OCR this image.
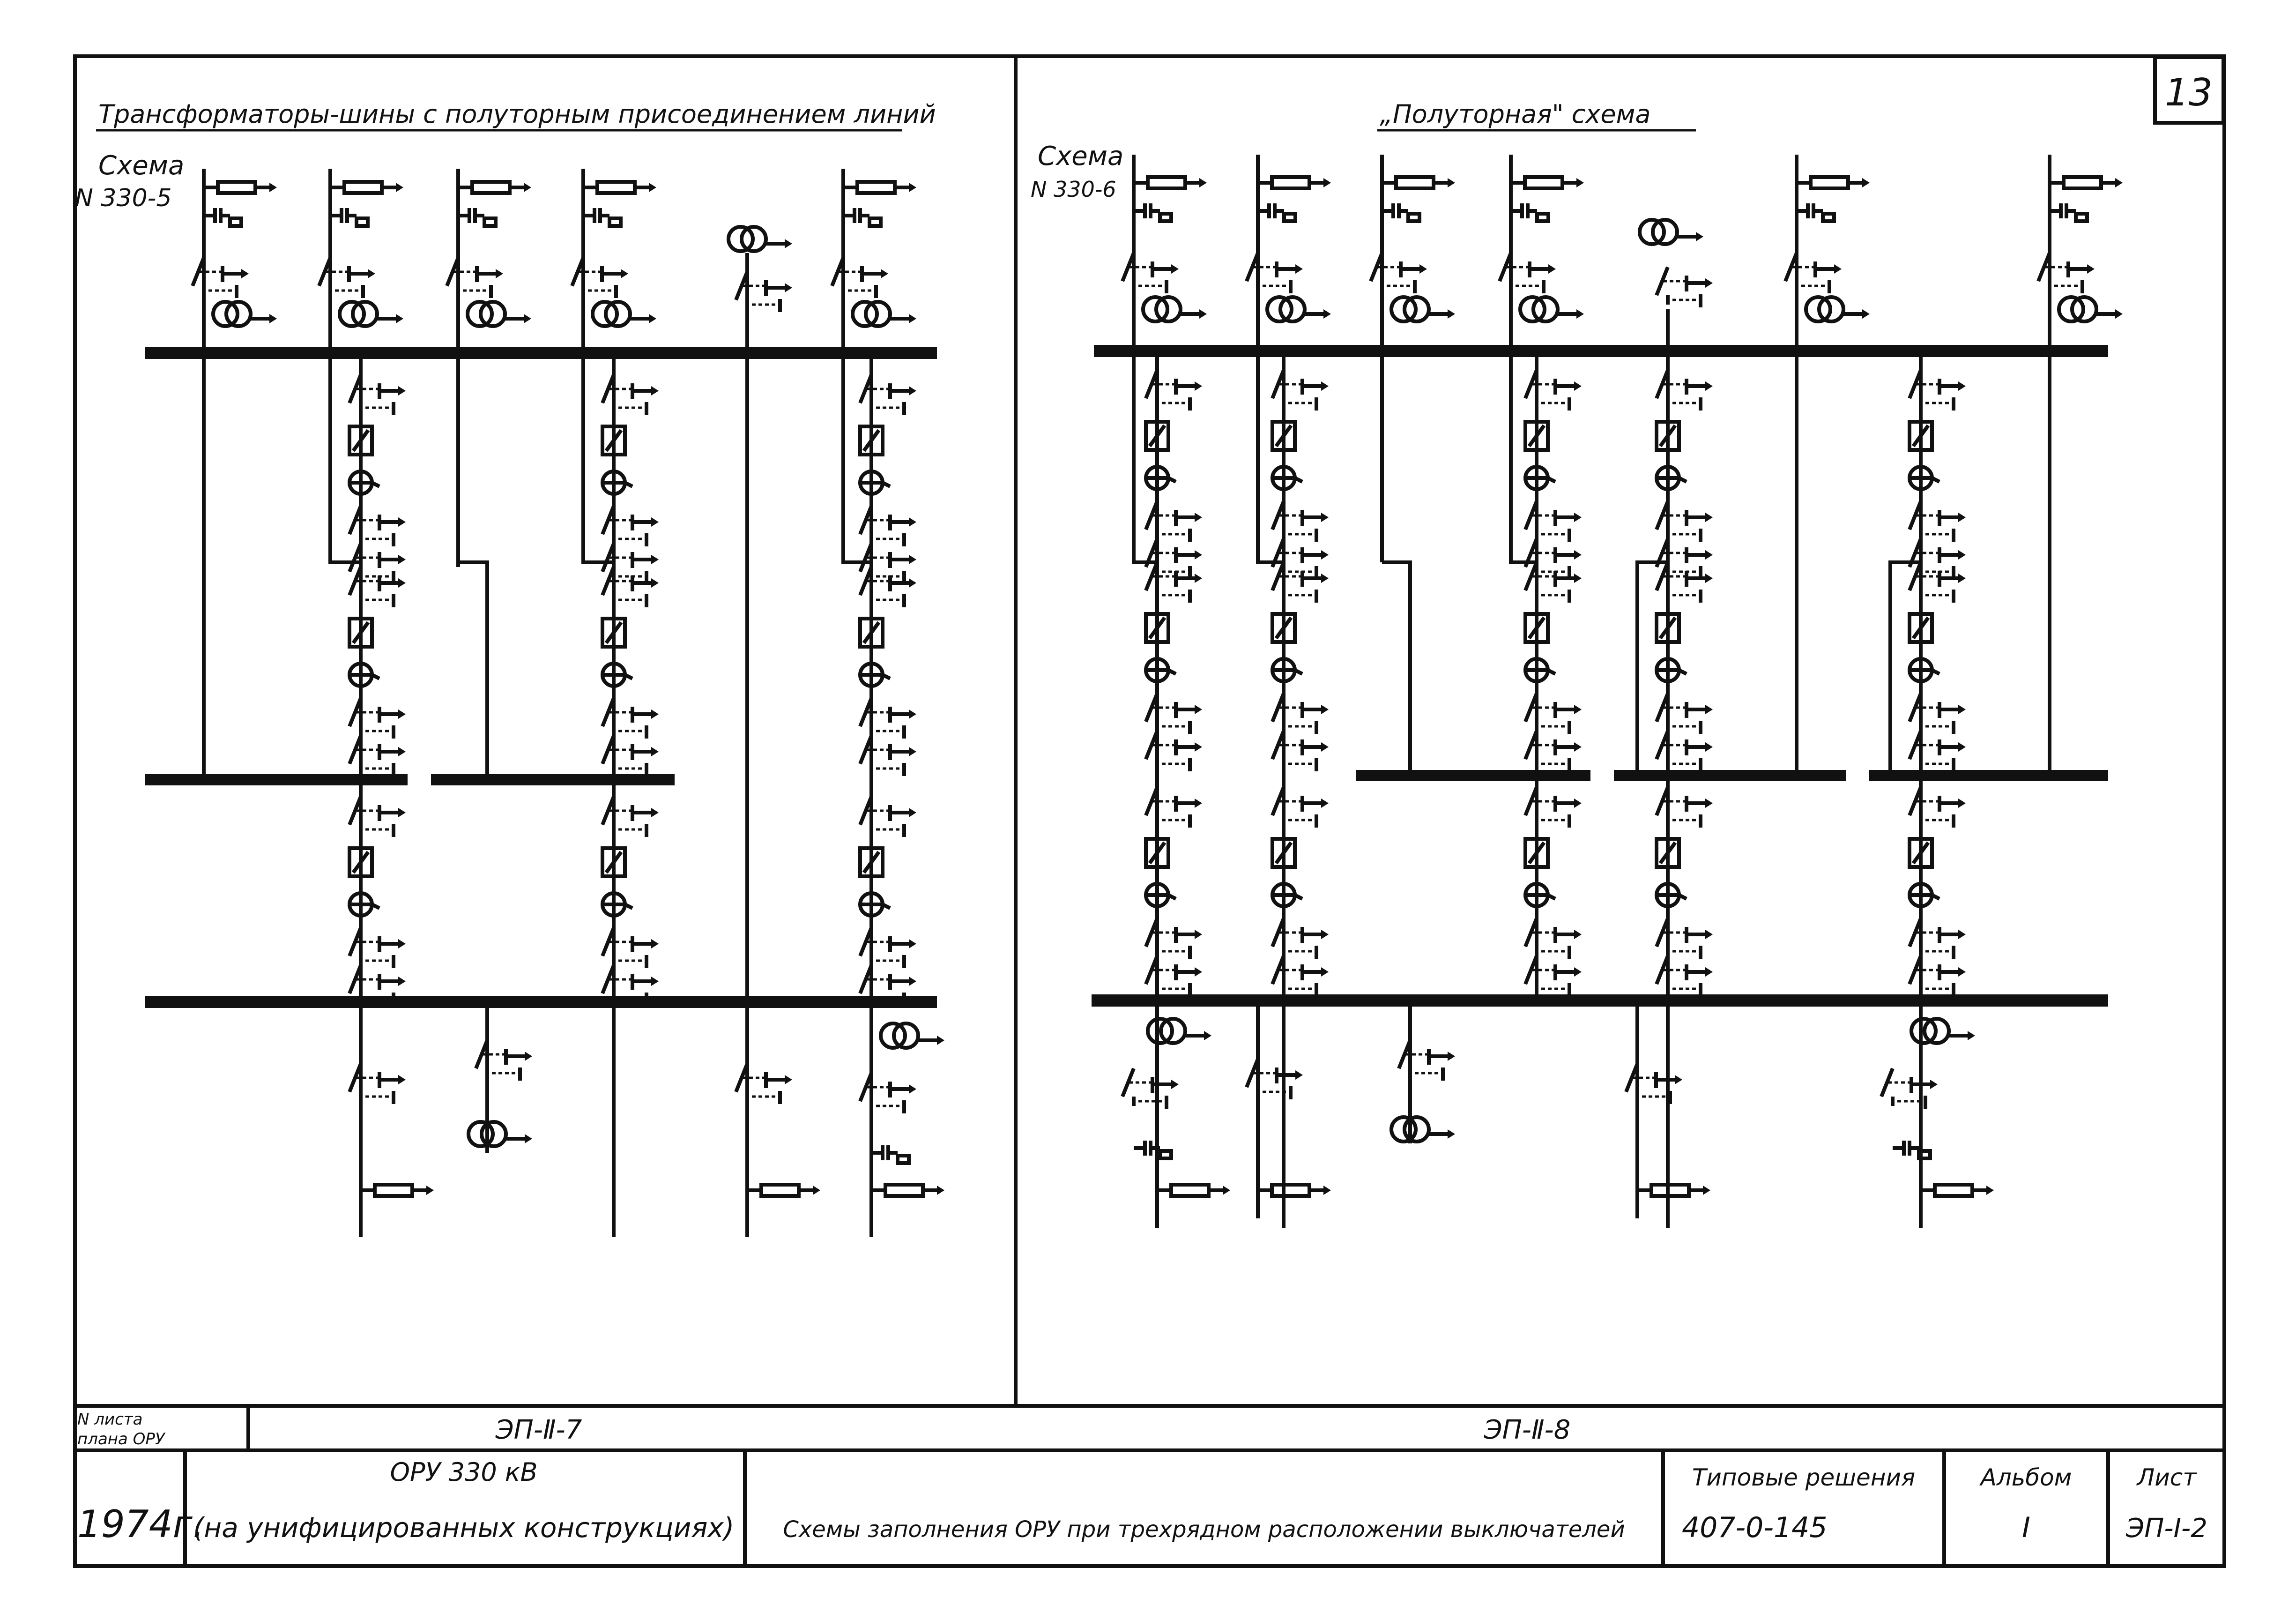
13
Трансформаторы-шины с полуторным присоединением линий
Схема
N 330-5
„Полуторная" схема
Схема
N 330-6
N листа
плана ОРУ	ЭП-Ⅱ-7	ЭП-Ⅱ-8
1974г.
ОРУ 330 кВ
(на унифицированных конструкциях) Схемы заполнения ОРУ при трехрядном расположении выключателей
Типовые решения
407-0-145
Альбом
I
Лист
ЭП-I-2
